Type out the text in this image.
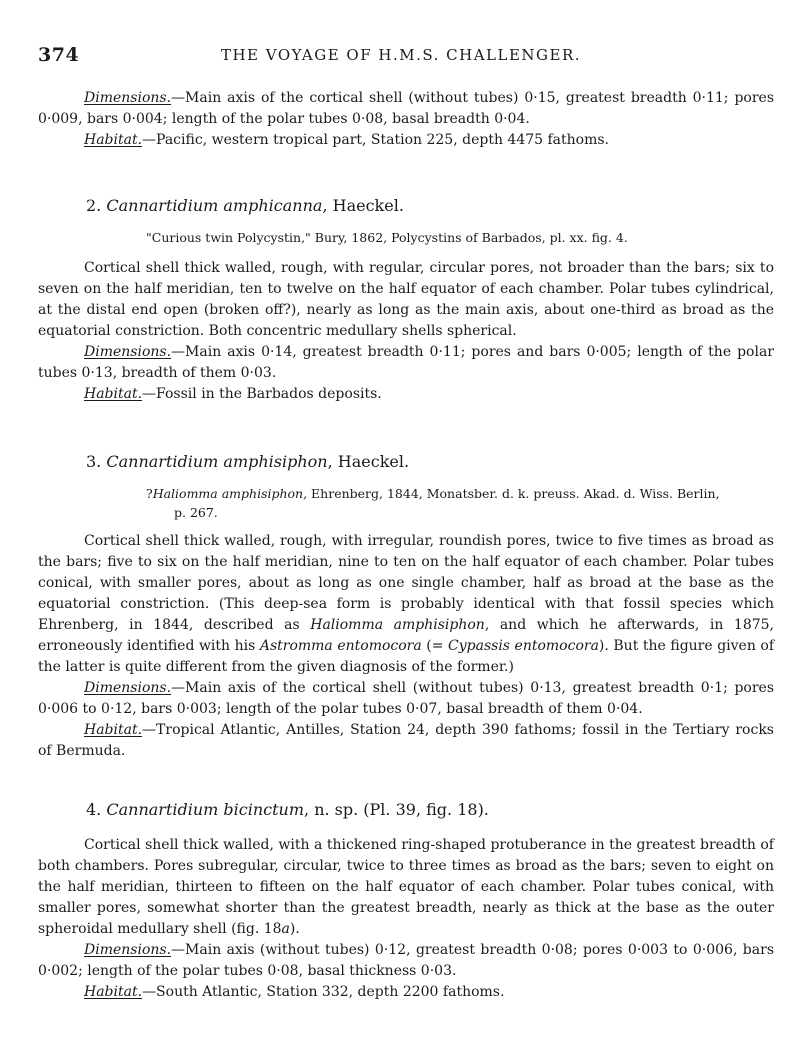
374	THE VOYAGE OF H.M.S. CHALLENGER.

Dimensions.—Main axis of the cortical shell (without tubes) 0·15, greatest breadth 0·11; pores 0·009, bars 0·004; length of the polar tubes 0·08, basal breadth 0·04.

Habitat.—Pacific, western tropical part, Station 225, depth 4475 fathoms.

2. Cannartidium amphicanna, Haeckel.
"Curious twin Polycystin," Bury, 1862, Polycystins of Barbados, pl. xx. fig. 4.

Cortical shell thick walled, rough, with regular, circular pores, not broader than the bars; six to seven on the half meridian, ten to twelve on the half equator of each chamber. Polar tubes cylindrical, at the distal end open (broken off?), nearly as long as the main axis, about one-third as broad as the equatorial constriction. Both concentric medullary shells spherical.

Dimensions.—Main axis 0·14, greatest breadth 0·11; pores and bars 0·005; length of the polar tubes 0·13, breadth of them 0·03.

Habitat.—Fossil in the Barbados deposits.

3. Cannartidium amphisiphon, Haeckel.
?Haliomma amphisiphon, Ehrenberg, 1844, Monatsber. d. k. preuss. Akad. d. Wiss. Berlin,
p. 267.

Cortical shell thick walled, rough, with irregular, roundish pores, twice to five times as broad as the bars; five to six on the half meridian, nine to ten on the half equator of each chamber. Polar tubes conical, with smaller pores, about as long as one single chamber, half as broad at the base as the equatorial constriction. (This deep-sea form is probably identical with that fossil species which Ehrenberg, in 1844, described as Haliomma amphisiphon, and which he afterwards, in 1875, erroneously identified with his Astromma entomocora (= Cypassis entomocora). But the figure given of the latter is quite different from the given diagnosis of the former.)

Dimensions.—Main axis of the cortical shell (without tubes) 0·13, greatest breadth 0·1; pores 0·006 to 0·12, bars 0·003; length of the polar tubes 0·07, basal breadth of them 0·04.

Habitat.—Tropical Atlantic, Antilles, Station 24, depth 390 fathoms; fossil in the Tertiary rocks of Bermuda.

4. Cannartidium bicinctum, n. sp. (Pl. 39, fig. 18).

Cortical shell thick walled, with a thickened ring-shaped protuberance in the greatest breadth of both chambers. Pores subregular, circular, twice to three times as broad as the bars; seven to eight on the half meridian, thirteen to fifteen on the half equator of each chamber. Polar tubes conical, with smaller pores, somewhat shorter than the greatest breadth, nearly as thick at the base as the outer spheroidal medullary shell (fig. 18a).

Dimensions.—Main axis (without tubes) 0·12, greatest breadth 0·08; pores 0·003 to 0·006, bars 0·002; length of the polar tubes 0·08, basal thickness 0·03.

Habitat.—South Atlantic, Station 332, depth 2200 fathoms.
